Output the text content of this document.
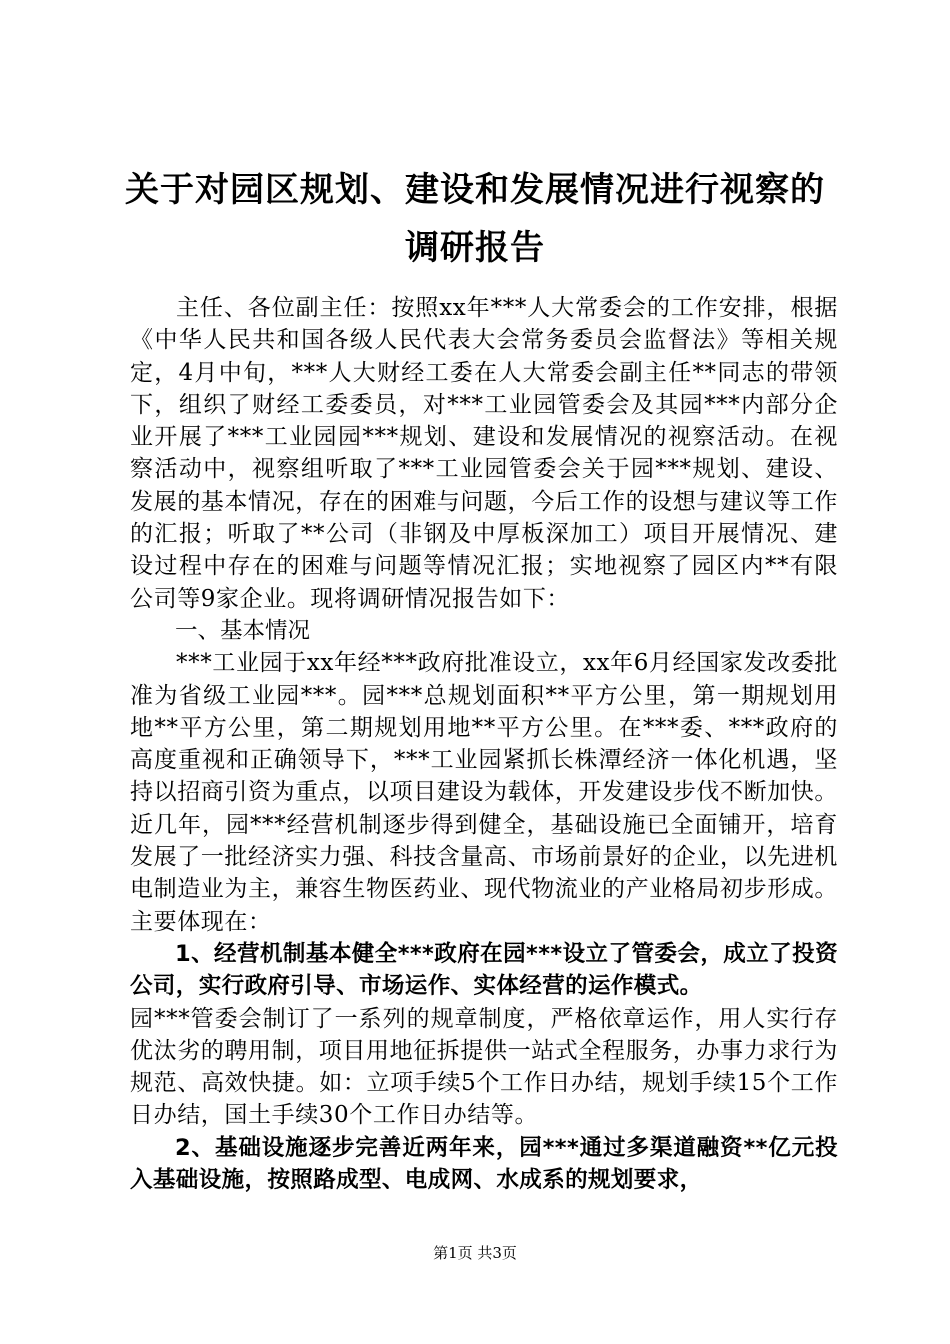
关于对园区规划、建设和发展情况进行视察的
调研报告

主任、各位副主任：按照xx年***人大常委会的工作安排，根据《中华人民共和国各级人民代表大会常务委员会监督法》等相关规定，4月中旬，***人大财经工委在人大常委会副主任**同志的带领下，组织了财经工委委员，对***工业园管委会及其园***内部分企业开展了***工业园园***规划、建设和发展情况的视察活动。在视察活动中，视察组听取了***工业园管委会关于园***规划、建设、发展的基本情况，存在的困难与问题，今后工作的设想与建议等工作的汇报；听取了**公司（非钢及中厚板深加工）项目开展情况、建设过程中存在的困难与问题等情况汇报；实地视察了园区内**有限公司等9家企业。现将调研情况报告如下：

一、基本情况

***工业园于xx年经***政府批准设立，xx年6月经国家发改委批准为省级工业园***。园***总规划面积**平方公里，第一期规划用地**平方公里，第二期规划用地**平方公里。在***委、***政府的高度重视和正确领导下，***工业园紧抓长株潭经济一体化机遇，坚持以招商引资为重点，以项目建设为载体，开发建设步伐不断加快。近几年，园***经营机制逐步得到健全，基础设施已全面铺开，培育发展了一批经济实力强、科技含量高、市场前景好的企业，以先进机电制造业为主，兼容生物医药业、现代物流业的产业格局初步形成。主要体现在：

1、经营机制基本健全***政府在园***设立了管委会，成立了投资公司，实行政府引导、市场运作、实体经营的运作模式。

园***管委会制订了一系列的规章制度，严格依章运作，用人实行存优汰劣的聘用制，项目用地征拆提供一站式全程服务，办事力求行为规范、高效快捷。如：立项手续5个工作日办结，规划手续15个工作日办结，国土手续30个工作日办结等。

2、基础设施逐步完善近两年来，园***通过多渠道融资**亿元投入基础设施，按照路成型、电成网、水成系的规划要求，

第1页 共3页
